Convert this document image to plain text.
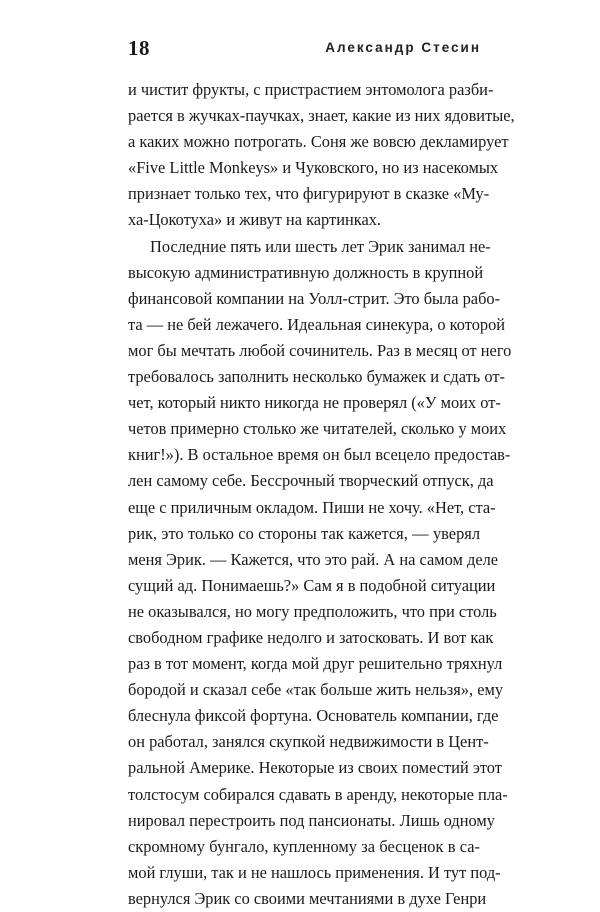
18	Александр Стесин
и чистит фрукты, с пристрастием энтомолога разби-
рается в жучках-паучках, знает, какие из них ядовитые,
а каких можно потрогать. Соня же вовсю декламирует
«Five Little Monkeys» и Чуковского, но из насекомых
признает только тех, что фигурируют в сказке «Му-
ха-Цокотуха» и живут на картинках.
Последние пять или шесть лет Эрик занимал не-
высокую административную должность в крупной
финансовой компании на Уолл-стрит. Это была рабо-
та — не бей лежачего. Идеальная синекура, о которой
мог бы мечтать любой сочинитель. Раз в месяц от него
требовалось заполнить несколько бумажек и сдать от-
чет, который никто никогда не проверял («У моих от-
четов примерно столько же читателей, сколько у моих
книг!»). В остальное время он был всецело предостав-
лен самому себе. Бессрочный творческий отпуск, да
еще с приличным окладом. Пиши не хочу. «Нет, ста-
рик, это только со стороны так кажется, — уверял
меня Эрик. — Кажется, что это рай. А на самом деле
сущий ад. Понимаешь?» Сам я в подобной ситуации
не оказывался, но могу предположить, что при столь
свободном графике недолго и затосковать. И вот как
раз в тот момент, когда мой друг решительно тряхнул
бородой и сказал себе «так больше жить нельзя», ему
блеснула фиксой фортуна. Основатель компании, где
он работал, занялся скупкой недвижимости в Цент-
ральной Америке. Некоторые из своих поместий этот
толстосум собирался сдавать в аренду, некоторые пла-
нировал перестроить под пансионаты. Лишь одному
скромному бунгало, купленному за бесценок в са-
мой глуши, так и не нашлось применения. И тут под-
вернулся Эрик со своими мечтаниями в духе Генри
